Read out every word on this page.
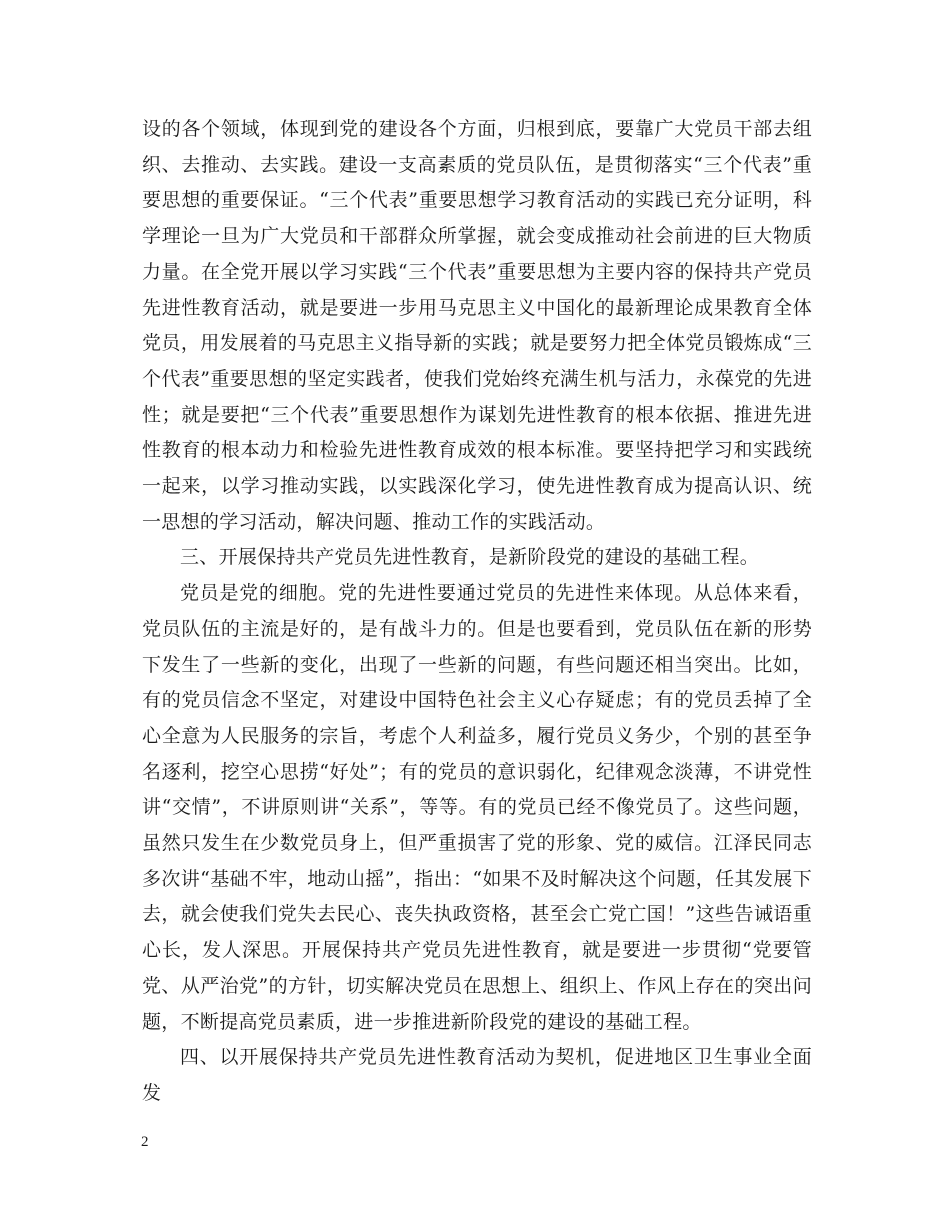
设的各个领域，体现到党的建设各个方面，归根到底，要靠广大党员干部去组织、去推动、去实践。建设一支高素质的党员队伍，是贯彻落实“三个代表”重要思想的重要保证。“三个代表”重要思想学习教育活动的实践已充分证明，科学理论一旦为广大党员和干部群众所掌握，就会变成推动社会前进的巨大物质力量。在全党开展以学习实践“三个代表”重要思想为主要内容的保持共产党员先进性教育活动，就是要进一步用马克思主义中国化的最新理论成果教育全体党员，用发展着的马克思主义指导新的实践；就是要努力把全体党员锻炼成“三个代表”重要思想的坚定实践者，使我们党始终充满生机与活力，永葆党的先进性；就是要把“三个代表”重要思想作为谋划先进性教育的根本依据、推进先进性教育的根本动力和检验先进性教育成效的根本标准。要坚持把学习和实践统一起来，以学习推动实践，以实践深化学习，使先进性教育成为提高认识、统一思想的学习活动，解决问题、推动工作的实践活动。

三、开展保持共产党员先进性教育，是新阶段党的建设的基础工程。

党员是党的细胞。党的先进性要通过党员的先进性来体现。从总体来看，党员队伍的主流是好的，是有战斗力的。但是也要看到，党员队伍在新的形势下发生了一些新的变化，出现了一些新的问题，有些问题还相当突出。比如，有的党员信念不坚定，对建设中国特色社会主义心存疑虑；有的党员丢掉了全心全意为人民服务的宗旨，考虑个人利益多，履行党员义务少，个别的甚至争名逐利，挖空心思捞“好处”；有的党员的意识弱化，纪律观念淡薄，不讲党性讲“交情”，不讲原则讲“关系”，等等。有的党员已经不像党员了。这些问题，虽然只发生在少数党员身上，但严重损害了党的形象、党的威信。江泽民同志多次讲“基础不牢，地动山摇”，指出：“如果不及时解决这个问题，任其发展下去，就会使我们党失去民心、丧失执政资格，甚至会亡党亡国！”这些告诫语重心长，发人深思。开展保持共产党员先进性教育，就是要进一步贯彻“党要管党、从严治党”的方针，切实解决党员在思想上、组织上、作风上存在的突出问题，不断提高党员素质，进一步推进新阶段党的建设的基础工程。

四、以开展保持共产党员先进性教育活动为契机，促进地区卫生事业全面发

2
